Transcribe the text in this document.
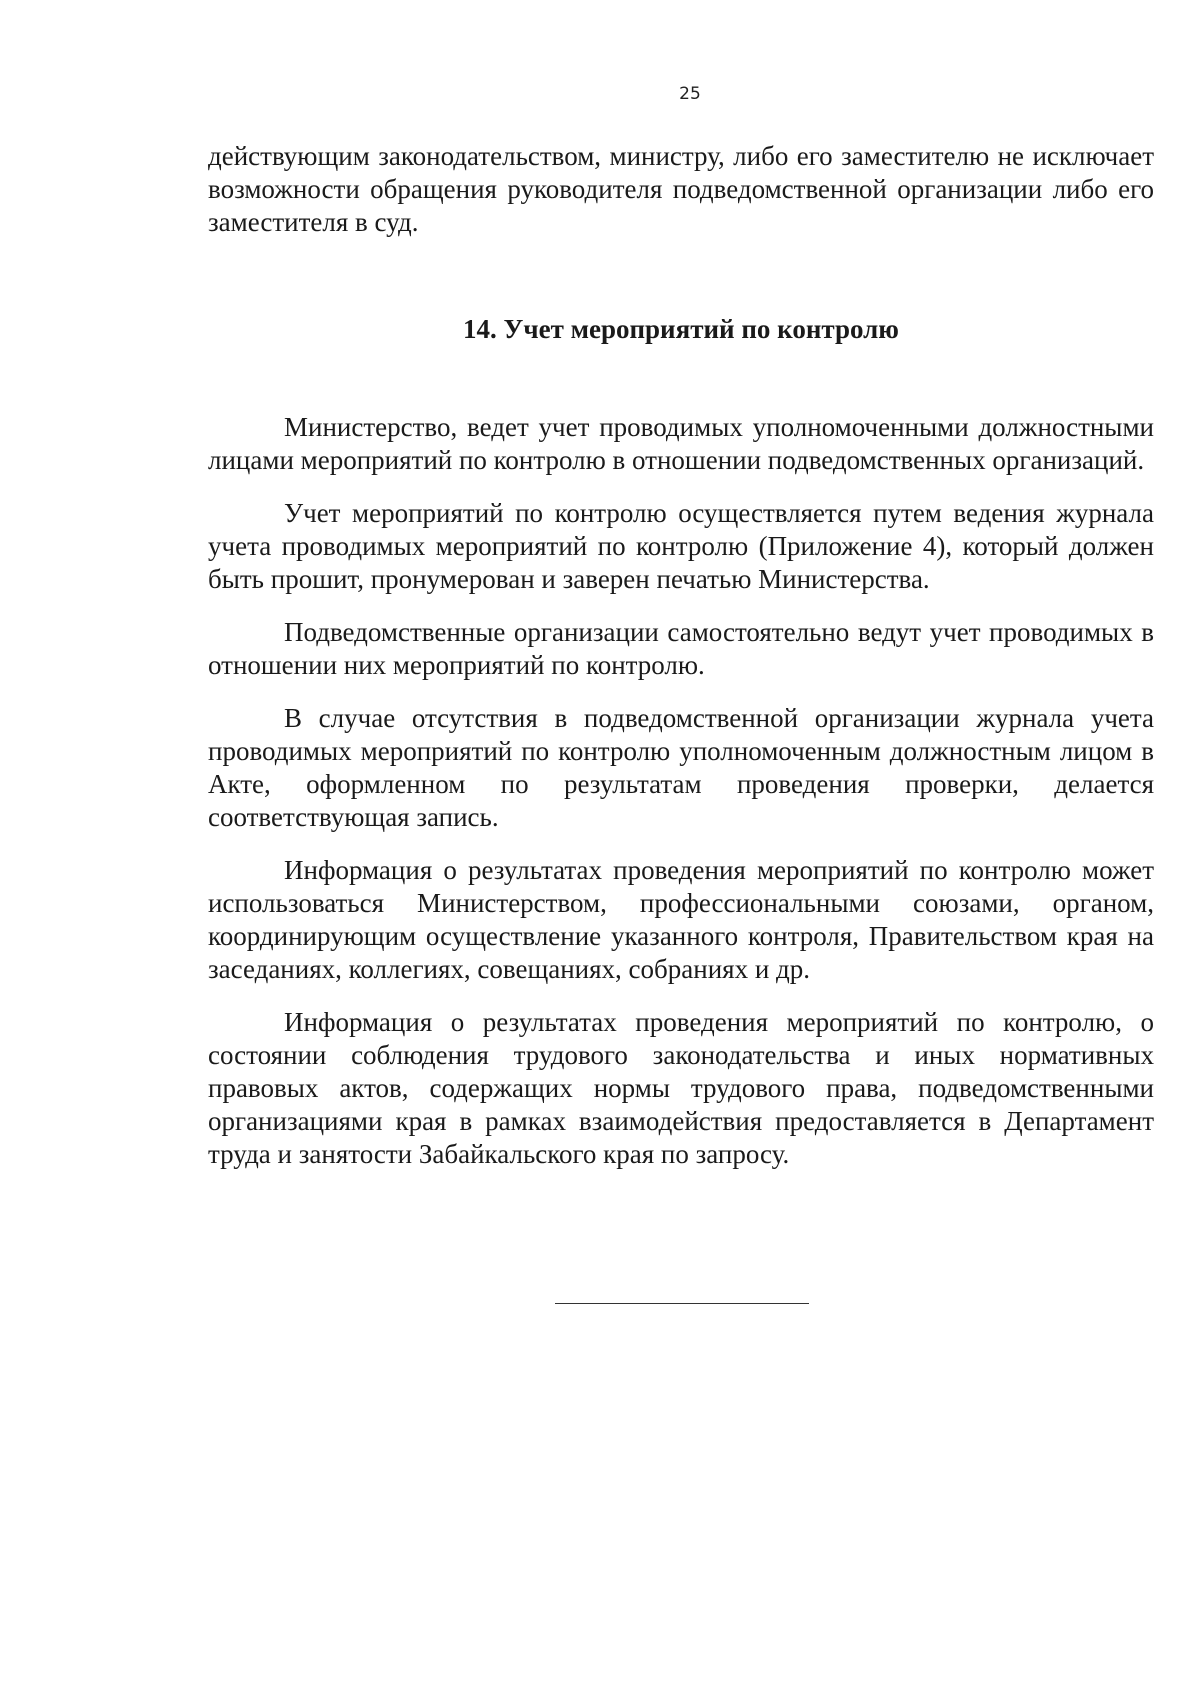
25

действующим законодательством, министру, либо его заместителю не исключает возможности обращения руководителя подведомственной организации либо его заместителя в суд.

14. Учет мероприятий по контролю

Министерство, ведет учет проводимых уполномоченными должностными лицами мероприятий по контролю в отношении подведомственных организаций.

Учет мероприятий по контролю осуществляется путем ведения журнала учета проводимых мероприятий по контролю (Приложение 4), который должен быть прошит, пронумерован и заверен печатью Министерства.

Подведомственные организации самостоятельно ведут учет проводимых в отношении них мероприятий по контролю.

В случае отсутствия в подведомственной организации журнала учета проводимых мероприятий по контролю уполномоченным должностным лицом в Акте, оформленном по результатам проведения проверки, делается соответствующая запись.

Информация о результатах проведения мероприятий по контролю может использоваться Министерством, профессиональными союзами, органом, координирующим осуществление указанного контроля, Правительством края на заседаниях, коллегиях, совещаниях, собраниях и др.

Информация о результатах проведения мероприятий по контролю, о состоянии соблюдения трудового законодательства и иных нормативных правовых актов, содержащих нормы трудового права, подведомственными организациями края в рамках взаимодействия предоставляется в Департамент труда и занятости Забайкальского края по запросу.
